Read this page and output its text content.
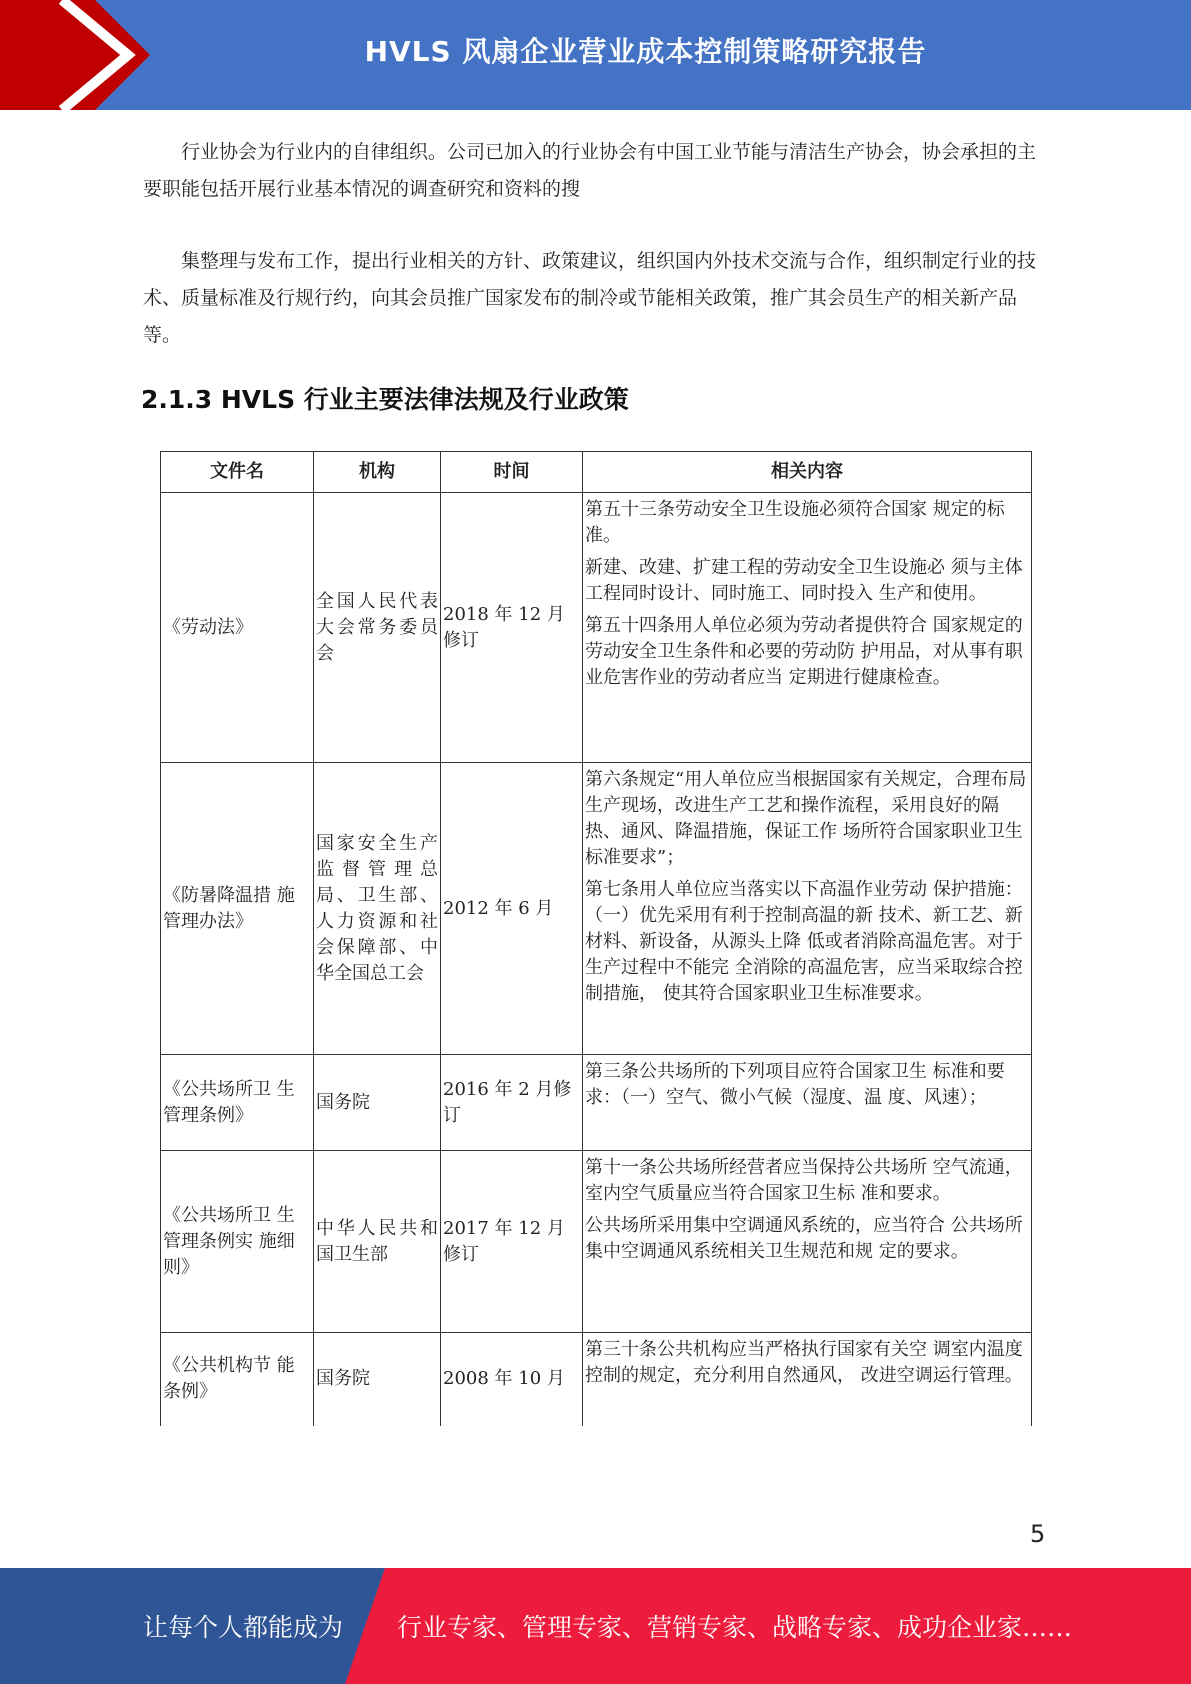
HVLS 风扇企业营业成本控制策略研究报告

行业协会为行业内的自律组织。公司已加入的行业协会有中国工业节能与清洁生产协会，协会承担的主要职能包括开展行业基本情况的调查研究和资料的搜

集整理与发布工作，提出行业相关的方针、政策建议，组织国内外技术交流与合作，组织制定行业的技术、质量标准及行规行约，向其会员推广国家发布的制冷或节能相关政策，推广其会员生产的相关新产品等。

2.1.3 HVLS 行业主要法律法规及行业政策
文件名	机构	时间	相关内容
《劳动法》	全国人民代表大会常务委员会	2018 年 12 月修订	第五十三条劳动安全卫生设施必须符合国家 规定的标准。

新建、改建、扩建工程的劳动安全卫生设施必 须与主体工程同时设计、同时施工、同时投入 生产和使用。

第五十四条用人单位必须为劳动者提供符合 国家规定的劳动安全卫生条件和必要的劳动防 护用品，对从事有职业危害作业的劳动者应当 定期进行健康检查。

《防暑降温措 施管理办法》	国家安全生产监督管理总局、卫生部、人力资源和社会保障部、中华全国总工会	2012 年 6 月	第六条规定“用人单位应当根据国家有关规定，合理布局生产现场，改进生产工艺和操作流程，采用良好的隔热、通风、降温措施，保证工作 场所符合国家职业卫生标准要求”；

第七条用人单位应当落实以下高温作业劳动 保护措施：（一）优先采用有利于控制高温的新 技术、新工艺、新材料、新设备，从源头上降 低或者消除高温危害。对于生产过程中不能完 全消除的高温危害，应当采取综合控制措施， 使其符合国家职业卫生标准要求。

《公共场所卫 生管理条例》	国务院	2016 年 2 月修订	第三条公共场所的下列项目应符合国家卫生 标准和要求：（一）空气、微小气候（湿度、温 度、风速）；

《公共场所卫 生管理条例实 施细则》	中华人民共和国卫生部	2017 年 12 月修订	第十一条公共场所经营者应当保持公共场所 空气流通，室内空气质量应当符合国家卫生标 准和要求。

公共场所采用集中空调通风系统的，应当符合 公共场所集中空调通风系统相关卫生规范和规 定的要求。

《公共机构节 能条例》	国务院	2008 年 10 月	第三十条公共机构应当严格执行国家有关空 调室内温度控制的规定，充分利用自然通风， 改进空调运行管理。

5
让每个人都能成为 行业专家、管理专家、营销专家、战略专家、成功企业家……
